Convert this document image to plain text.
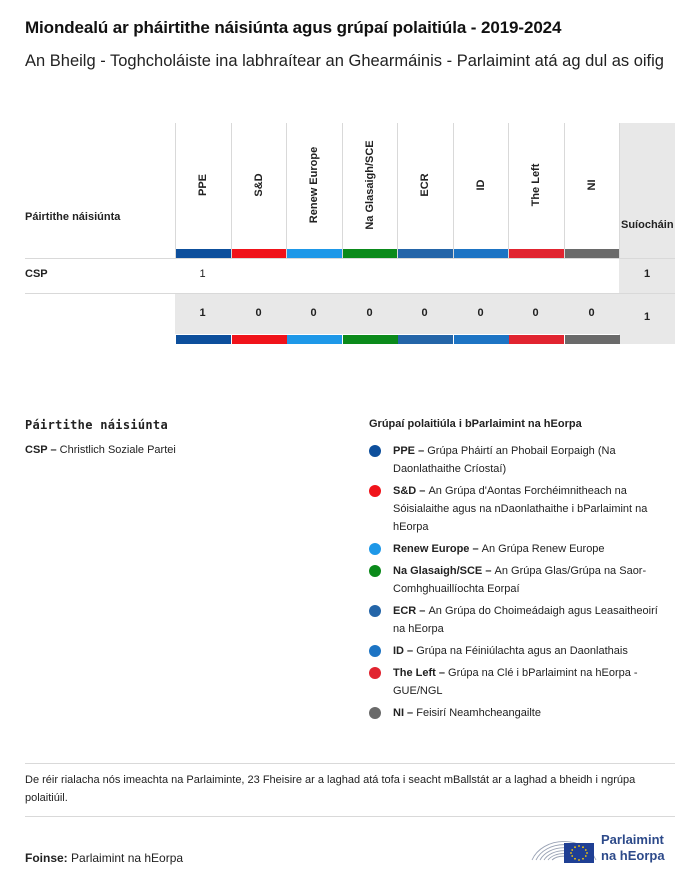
Miondealú ar pháirtithe náisiúnta agus grúpaí polaitiúla - 2019-2024
An Bheilg - Toghcholáiste ina labhraítear an Ghearmáinis - Parlaimint atá ag dul as oifig
Páirtithe náisiúnta
Suíocháin
CSP	1	1
1
PPE
1
S&D
0
Renew Europe
0
Na Glasaigh/SCE
0
ECR
0
ID
0
The Left
0
NI
0
Páirtithe náisiúnta
CSP – Christlich Soziale Partei
Grúpaí polaitiúla i bParlaimint na hEorpa
PPE – Grúpa Pháirtí an Phobail Eorpaigh (Na Daonlathaithe Críostaí)
S&D – An Grúpa d'Aontas Forchéimnitheach na Sóisialaithe agus na nDaonlathaithe i bParlaimint na hEorpa
Renew Europe – An Grúpa Renew Europe
Na Glasaigh/SCE – An Grúpa Glas/Grúpa na Saor-Comhghuaillíochta Eorpaí
ECR – An Grúpa do Choimeádaigh agus Leasaitheoirí na hEorpa
ID – Grúpa na Féiniúlachta agus an Daonlathais
The Left – Grúpa na Clé i bParlaimint na hEorpa - GUE/NGL
NI – Feisirí Neamhcheangailte
De réir rialacha nós imeachta na Parlaiminte, 23 Fheisire ar a laghad atá tofa i seacht mBallstát ar a laghad a bheidh i ngrúpa polaitiúil.
Foinse: Parlaimint na hEorpa
Parlaimint
na hEorpa
